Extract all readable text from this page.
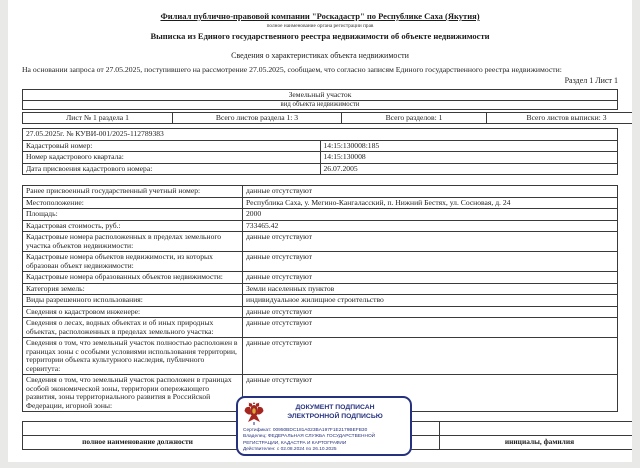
Филиал публично-правовой компании "Роскадастр" по Республике Саха (Якутия)
полное наименование органа регистрации прав
Выписка из Единого государственного реестра недвижимости об объекте недвижимости
Сведения о характеристиках объекта недвижимости
На основании запроса от 27.05.2025, поступившего на рассмотрение 27.05.2025, сообщаем, что согласно записям Единого государственного реестра недвижимости:
Раздел 1 Лист 1
Земельный участок
вид объекта недвижимости
Лист № 1 раздела 1	Всего листов раздела 1: 3	Всего разделов: 1	Всего листов выписки: 3
27.05.2025г. № КУВИ-001/2025-112789383	
Кадастровый номер:	14:15:130008:185
Номер кадастрового квартала:	14:15:130008
Дата присвоения кадастрового номера:	26.07.2005
Ранее присвоенный государственный учетный номер:	данные отсутствуют
Местоположение:	Республика Саха, у. Мегино-Кангаласский, п. Нижний Бестях, ул. Сосновая, д. 24
Площадь:	2000
Кадастровая стоимость, руб.:	733465.42
Кадастровые номера расположенных в пределах земельного участка объектов недвижимости:	данные отсутствуют
Кадастровые номера объектов недвижимости, из которых образован объект недвижимости:	данные отсутствуют
Кадастровые номера образованных объектов недвижимости:	данные отсутствуют
Категория земель:	Земли населенных пунктов
Виды разрешенного использования:	индивидуальное жилищное строительство
Сведения о кадастровом инженере:	данные отсутствуют
Сведения о лесах, водных объектах и об иных природных объектах, расположенных в пределах земельного участка:	данные отсутствуют
Сведения о том, что земельный участок полностью расположен в границах зоны с особыми условиями использования территории, территории объекта культурного наследия, публичного сервитута:	данные отсутствуют
Сведения о том, что земельный участок расположен в границах особой экономической зоны, территории опережающего развития, зоны территориального развития в Российской Федерации, игорной зоны:	данные отсутствуют

полное наименование должности		инициалы, фамилия
ДОКУМЕНТ ПОДПИСАН
ЭЛЕКТРОННОЙ ПОДПИСЬЮ
Сертификат: 00950BDC181A023BA197F1E2179BEFB30
Владелец: ФЕДЕРАЛЬНАЯ СЛУЖБА ГОСУДАРСТВЕННОЙ РЕГИСТРАЦИИ, КАДАСТРА И КАРТОГРАФИИ
Действителен: с 02.08.2024 по 26.10.2025
